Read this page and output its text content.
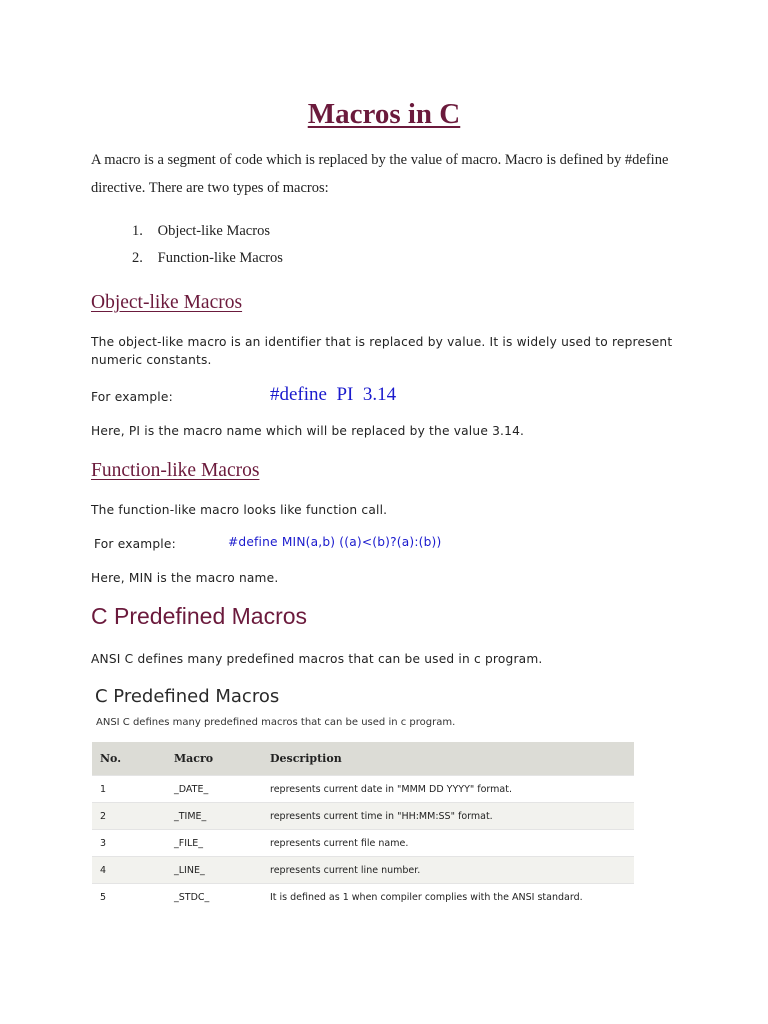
Macros in C
A macro is a segment of code which is replaced by the value of macro. Macro is defined by #define directive. There are two types of macros:
1. Object-like Macros
2. Function-like Macros
Object-like Macros
The object-like macro is an identifier that is replaced by value. It is widely used to represent numeric constants.
For example:	#define  PI  3.14
Here, PI is the macro name which will be replaced by the value 3.14.
Function-like Macros
The function-like macro looks like function call.
For example:	#define MIN(a,b) ((a)<(b)?(a):(b))
Here, MIN is the macro name.
C Predefined Macros
ANSI C defines many predefined macros that can be used in c program.
C Predefined Macros
ANSI C defines many predefined macros that can be used in c program.
No.	Macro	Description
1	_DATE_	represents current date in "MMM DD YYYY" format.
2	_TIME_	represents current time in "HH:MM:SS" format.
3	_FILE_	represents current file name.
4	_LINE_	represents current line number.
5	_STDC_	It is defined as 1 when compiler complies with the ANSI standard.
